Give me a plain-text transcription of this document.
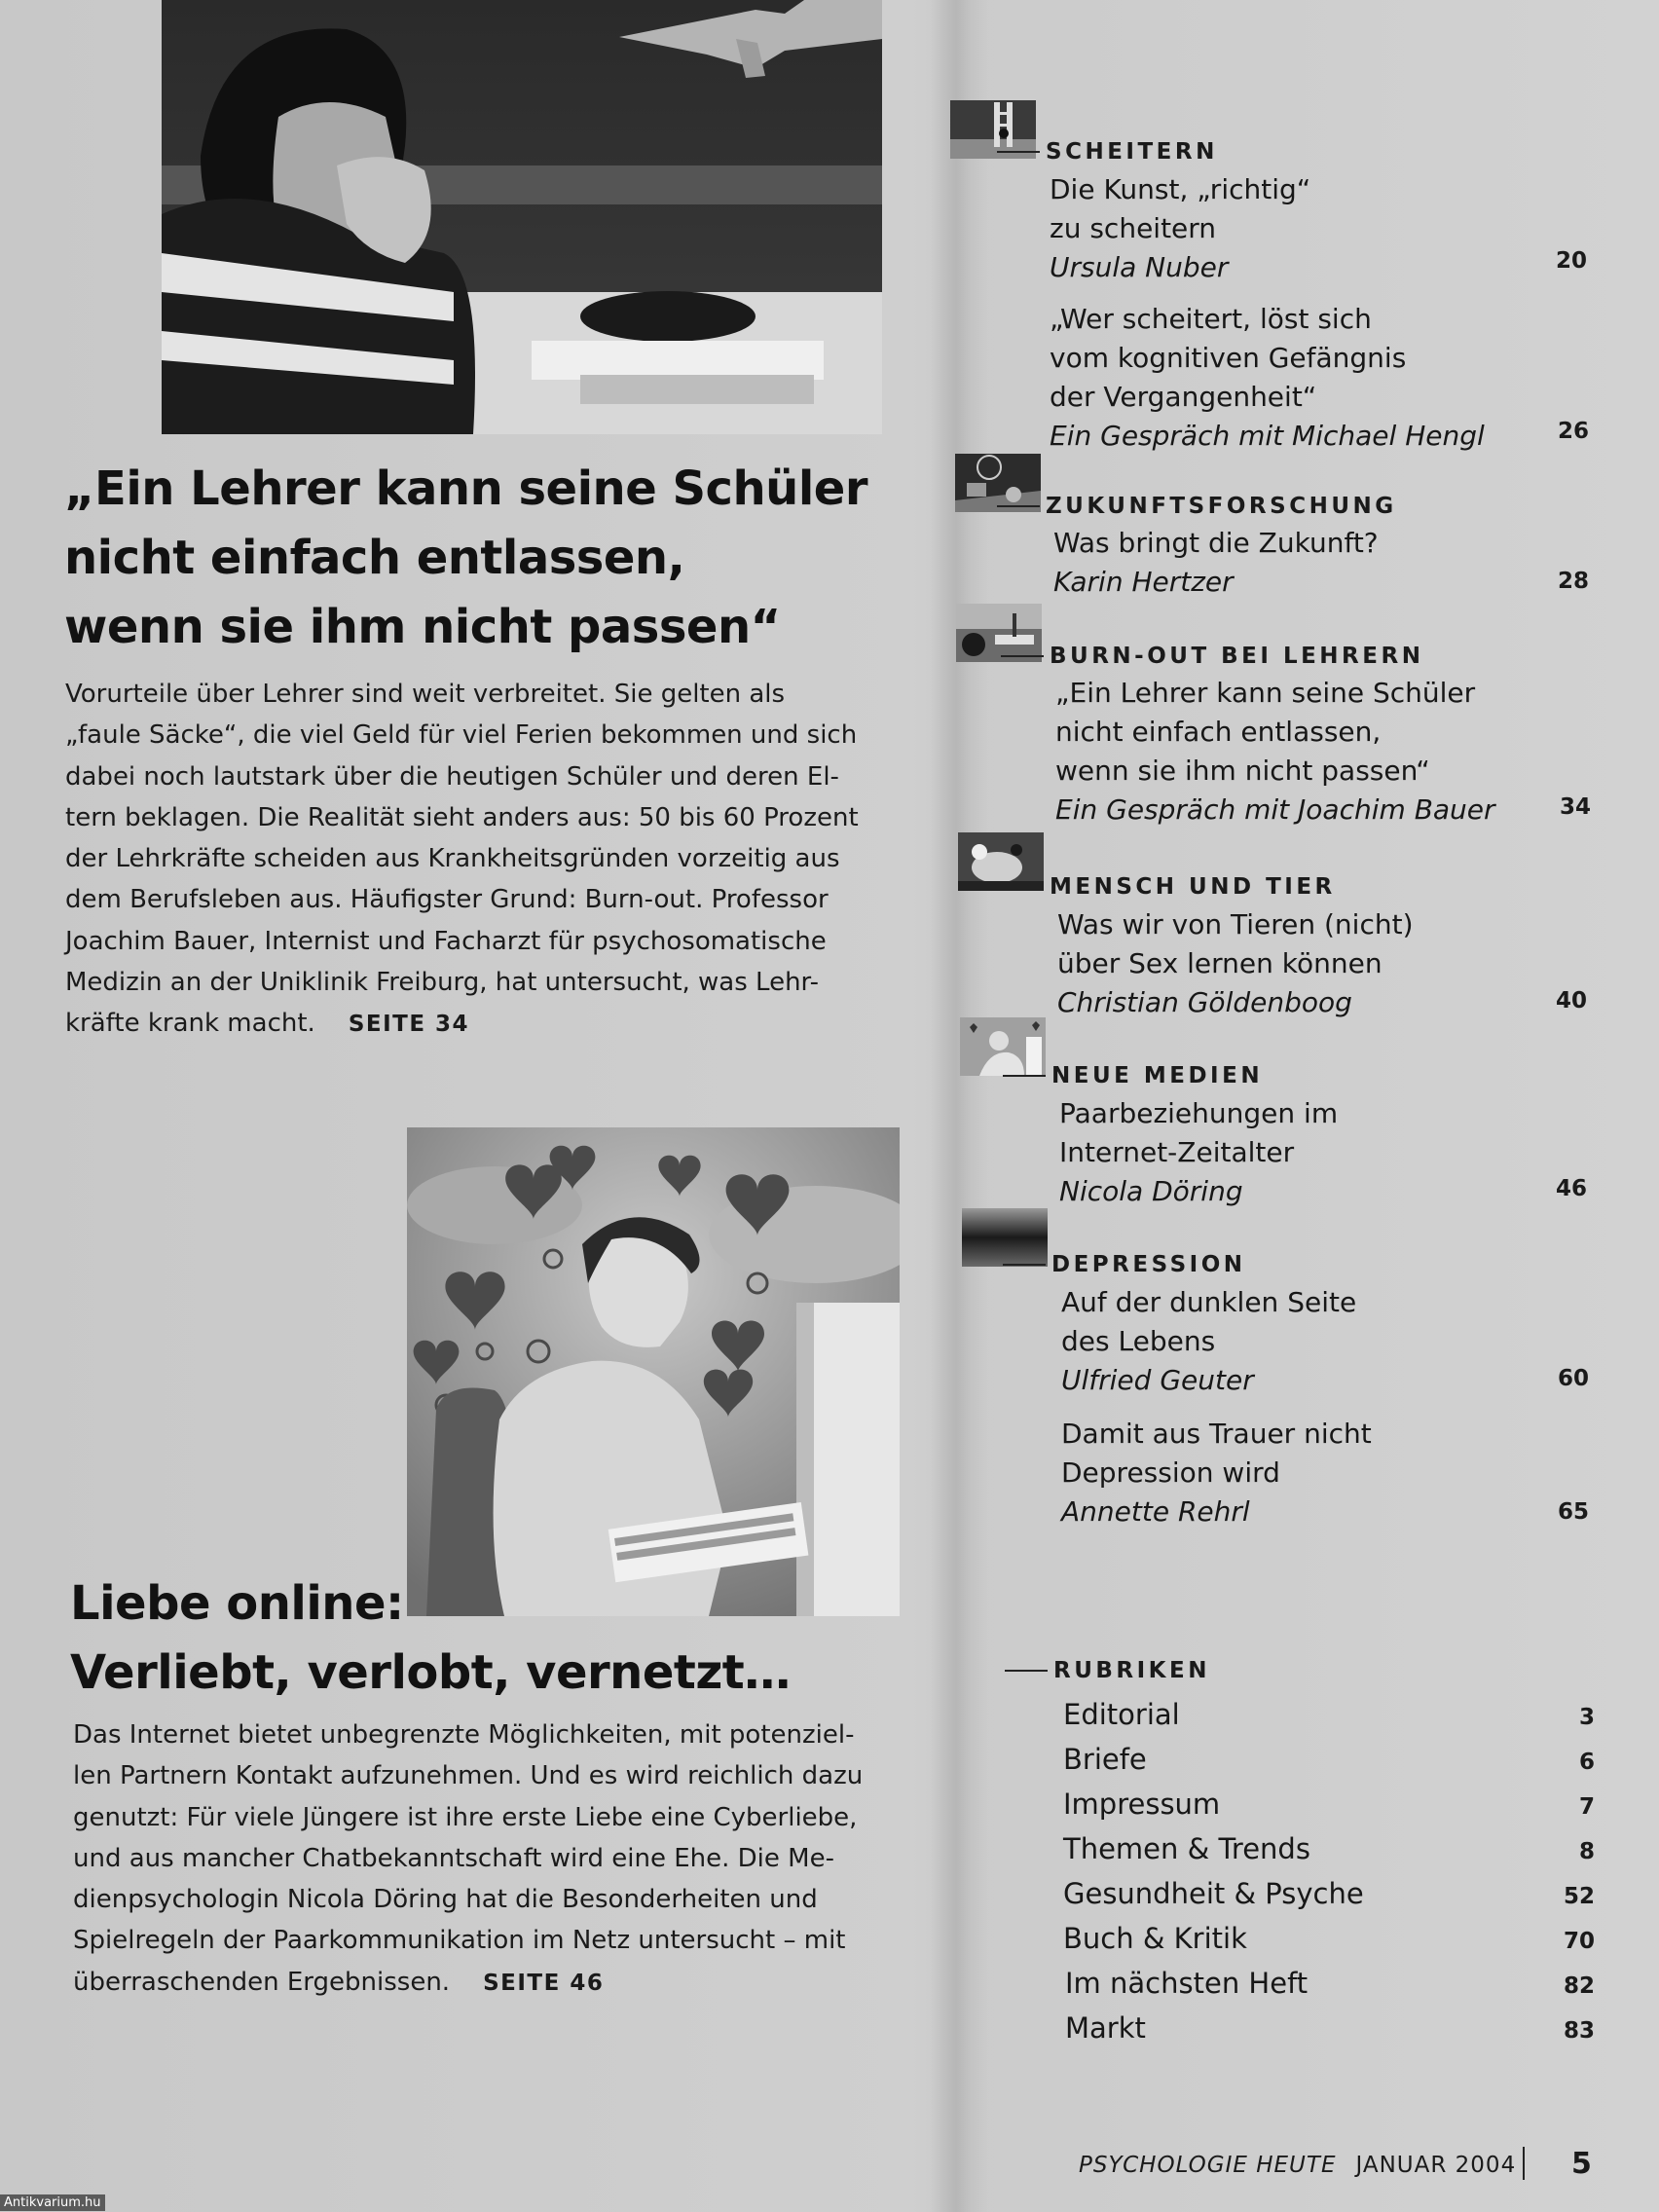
„Ein Lehrer kann seine Schüler
nicht einfach entlassen,
wenn sie ihm nicht passen“
Vorurteile über Lehrer sind weit verbreitet. Sie gelten als
„faule Säcke“, die viel Geld für viel Ferien bekommen und sich
dabei noch lautstark über die heutigen Schüler und deren El-
tern beklagen. Die Realität sieht anders aus: 50 bis 60 Prozent
der Lehrkräfte scheiden aus Krankheitsgründen vorzeitig aus
dem Berufsleben aus. Häufigster Grund: Burn-out. Professor
Joachim Bauer, Internist und Facharzt für psychosomatische
Medizin an der Uniklinik Freiburg, hat untersucht, was Lehr-
kräfte krank macht. SEITE 34
Liebe online:
Verliebt, verlobt, vernetzt…
Das Internet bietet unbegrenzte Möglichkeiten, mit potenziel-
len Partnern Kontakt aufzunehmen. Und es wird reichlich dazu
genutzt: Für viele Jüngere ist ihre erste Liebe eine Cyberliebe,
und aus mancher Chatbekanntschaft wird eine Ehe. Die Me-
dienpsychologin Nicola Döring hat die Besonderheiten und
Spielregeln der Paarkommunikation im Netz untersucht – mit
überraschenden Ergebnissen. SEITE 46
SCHEITERN
Die Kunst, „richtig“
zu scheitern
Ursula Nuber	20
„Wer scheitert, löst sich
vom kognitiven Gefängnis
der Vergangenheit“
Ein Gespräch mit Michael Hengl	26
ZUKUNFTSFORSCHUNG
Was bringt die Zukunft?
Karin Hertzer	28
BURN-OUT BEI LEHRERN
„Ein Lehrer kann seine Schüler
nicht einfach entlassen,
wenn sie ihm nicht passen“
Ein Gespräch mit Joachim Bauer	34
MENSCH UND TIER
Was wir von Tieren (nicht)
über Sex lernen können
Christian Göldenboog	40
NEUE MEDIEN
Paarbeziehungen im
Internet-Zeitalter
Nicola Döring	46
DEPRESSION
Auf der dunklen Seite
des Lebens
Ulfried Geuter	60
Damit aus Trauer nicht
Depression wird
Annette Rehrl	65
RUBRIKEN
Editorial	3
Briefe	6
Impressum	7
Themen & Trends	8
Gesundheit & Psyche	52
Buch & Kritik	70
Im nächsten Heft	82
Markt	83
PSYCHOLOGIE HEUTE JANUAR 2004 5
Antikvarium.hu
